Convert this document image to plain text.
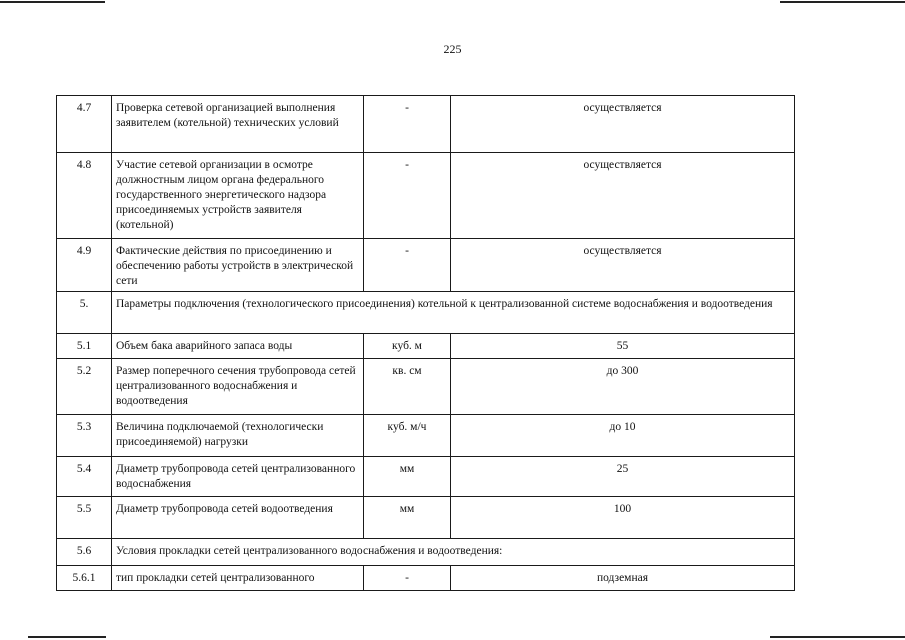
225
4.7	Проверка сетевой организацией выполнения заявителем (котельной) технических условий	-	осуществляется
4.8	Участие сетевой организации в осмотре должностным лицом органа федерального государственного энергетического надзора присоединяемых устройств заявителя (котельной)	-	осуществляется
4.9	Фактические действия по присоединению и обеспечению работы устройств в электрической сети	-	осуществляется
5.	Параметры подключения (технологического присоединения) котельной к централизованной системе водоснабжения и водоотведения		
5.1	Объем бака аварийного запаса воды	куб. м	55
5.2	Размер поперечного сечения трубопровода сетей централизованного водоснабжения и водоотведения	кв. см	до 300
5.3	Величина подключаемой (технологически присоединяемой) нагрузки	куб. м/ч	до 10
5.4	Диаметр трубопровода сетей централизованного водоснабжения	мм	25
5.5	Диаметр трубопровода сетей водоотведения	мм	100
5.6	Условия прокладки сетей централизованного водоснабжения и водоотведения:		
5.6.1	тип прокладки сетей централизованного	-	подземная
